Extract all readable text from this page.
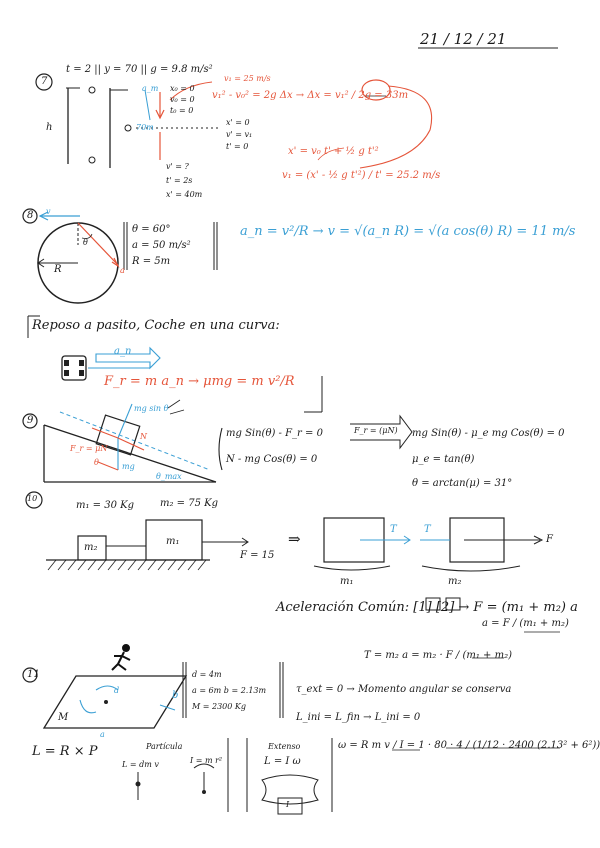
21 / 12 / 21
7
t = 2 || y = 70 || g = 9.8 m/s²
v₁ = 25 m/s
a_m
v₁² - v₀² = 2g Δx → Δx = v₁² / 2g = 33m
x₀ = 0
v₀ = 0
t₀ = 0
h	70m
x' = 0
v' = v₁
t' = 0
v' = ?
t' = 2s
x' = 40m
x' = v₀ t' + ½ g t'²
v₁ = (x' - ½ g t'²) / t' = 25.2 m/s
8 v
θ
R	a
θ = 60°
a = 50 m/s²
R = 5m
a_n = v²/R → v = √(a_n R) = √(a cos(θ) R) = 11 m/s
Reposo a pasito, Coche en una curva:
a_n
F_r = m a_n → μmg = m v²/R
9
mg sin θ
F_r = μN
N
mg
θ
θ_max
mg Sin(θ) - F_r = 0
N - mg Cos(θ) = 0
F_r = (μN) mg Sin(θ) - μ_e mg Cos(θ) = 0
μ_e = tan(θ)
θ = arctan(μ) = 31°
10
m₁ = 30 Kg	m₂ = 75 Kg
m₂
m₁
F = 15
⇒
T	T
F
m₁	m₂
Aceleración Común: [1] [2] → F = (m₁ + m₂) a
a = F / (m₁ + m₂)
T = m₂ a = m₂ · F / (m₁ + m₂)
11
d	b
a
M
d = 4m
a = 6m b = 2.13m
M = 2300 Kg
τ_ext = 0 → Momento angular se conserva
L_ini = L_fin → L_ini = 0
L = R × P	Partícula
L = dm v	I = m r²
Extenso
L = I ω
I
ω = R m v / I = 1 · 80 · 4 / (1/12 · 2400 (2.13² + 6²))
